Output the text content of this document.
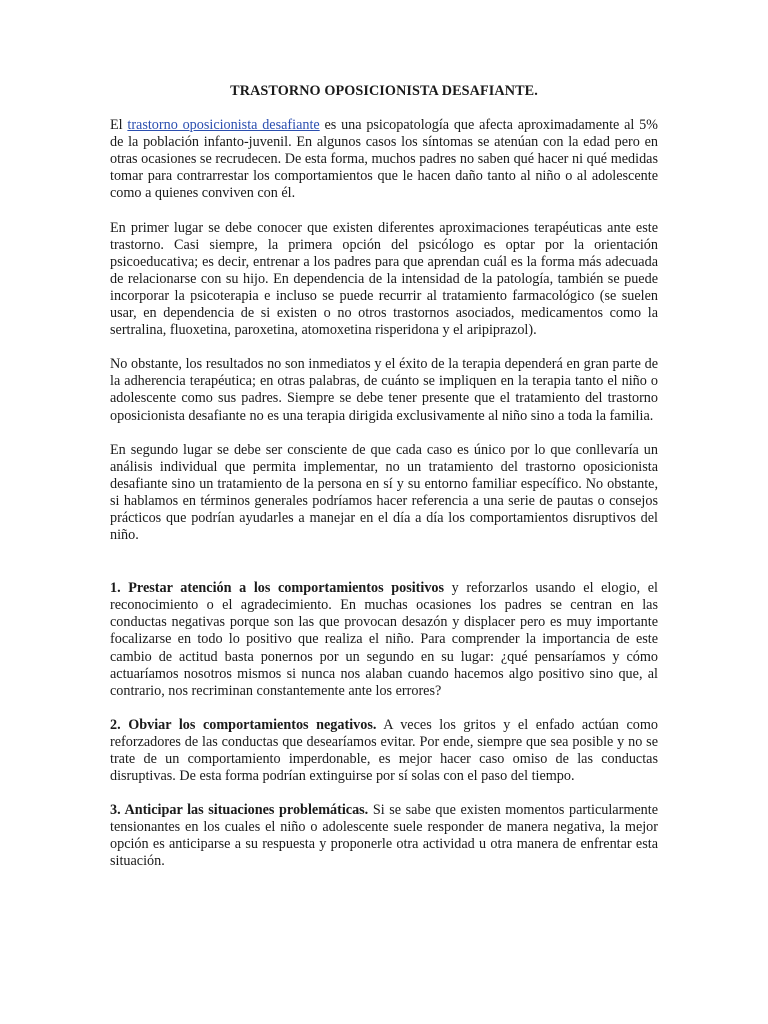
TRASTORNO OPOSICIONISTA DESAFIANTE.

El trastorno oposicionista desafiante es una psicopatología que afecta aproximadamente al 5% de la población infanto-juvenil. En algunos casos los síntomas se atenúan con la edad pero en otras ocasiones se recrudecen. De esta forma, muchos padres no saben qué hacer ni qué medidas tomar para contrarrestar los comportamientos que le hacen daño tanto al niño o al adolescente como a quienes conviven con él.

En primer lugar se debe conocer que existen diferentes aproximaciones terapéuticas ante este trastorno. Casi siempre, la primera opción del psicólogo es optar por la orientación psicoeducativa; es decir, entrenar a los padres para que aprendan cuál es la forma más adecuada de relacionarse con su hijo. En dependencia de la intensidad de la patología, también se puede incorporar la psicoterapia e incluso se puede recurrir al tratamiento farmacológico (se suelen usar, en dependencia de si existen o no otros trastornos asociados, medicamentos como la sertralina, fluoxetina, paroxetina, atomoxetina risperidona y el aripiprazol).

No obstante, los resultados no son inmediatos y el éxito de la terapia dependerá en gran parte de la adherencia terapéutica; en otras palabras, de cuánto se impliquen en la terapia tanto el niño o adolescente como sus padres. Siempre se debe tener presente que el tratamiento del trastorno oposicionista desafiante no es una terapia dirigida exclusivamente al niño sino a toda la familia.

En segundo lugar se debe ser consciente de que cada caso es único por lo que conllevaría un análisis individual que permita implementar, no un tratamiento del trastorno oposicionista desafiante sino un tratamiento de la persona en sí y su entorno familiar específico. No obstante, si hablamos en términos generales podríamos hacer referencia a una serie de pautas o consejos prácticos que podrían ayudarles a manejar en el día a día los comportamientos disruptivos del niño.

1. Prestar atención a los comportamientos positivos y reforzarlos usando el elogio, el reconocimiento o el agradecimiento. En muchas ocasiones los padres se centran en las conductas negativas porque son las que provocan desazón y displacer pero es muy importante focalizarse en todo lo positivo que realiza el niño. Para comprender la importancia de este cambio de actitud basta ponernos por un segundo en su lugar: ¿qué pensaríamos y cómo actuaríamos nosotros mismos si nunca nos alaban cuando hacemos algo positivo sino que, al contrario, nos recriminan constantemente ante los errores?

2. Obviar los comportamientos negativos. A veces los gritos y el enfado actúan como reforzadores de las conductas que desearíamos evitar. Por ende, siempre que sea posible y no se trate de un comportamiento imperdonable, es mejor hacer caso omiso de las conductas disruptivas. De esta forma podrían extinguirse por sí solas con el paso del tiempo.

3. Anticipar las situaciones problemáticas. Si se sabe que existen momentos particularmente tensionantes en los cuales el niño o adolescente suele responder de manera negativa, la mejor opción es anticiparse a su respuesta y proponerle otra actividad u otra manera de enfrentar esta situación.
